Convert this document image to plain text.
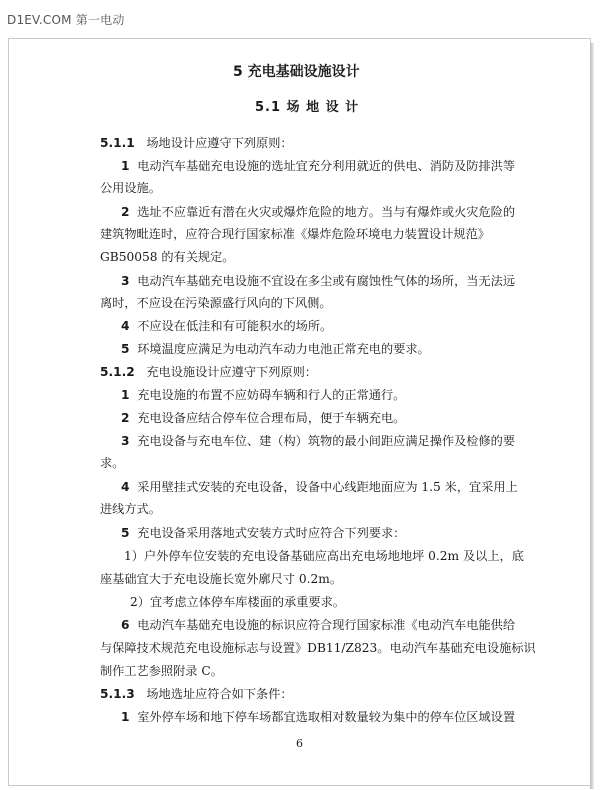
D1EV.COM 第一电动
5 充电基础设施设计
5.1 场 地 设 计
5.1.1 场地设计应遵守下列原则：
1 电动汽车基础充电设施的选址宜充分利用就近的供电、消防及防排洪等
公用设施。
2 选址不应靠近有潜在火灾或爆炸危险的地方。当与有爆炸或火灾危险的
建筑物毗连时，应符合现行国家标准《爆炸危险环境电力装置设计规范》
GB50058 的有关规定。
3 电动汽车基础充电设施不宜设在多尘或有腐蚀性气体的场所，当无法远
离时，不应设在污染源盛行风向的下风侧。
4 不应设在低洼和有可能积水的场所。
5 环境温度应满足为电动汽车动力电池正常充电的要求。
5.1.2 充电设施设计应遵守下列原则：
1 充电设施的布置不应妨碍车辆和行人的正常通行。
2 充电设备应结合停车位合理布局，便于车辆充电。
3 充电设备与充电车位、建（构）筑物的最小间距应满足操作及检修的要
求。
4 采用壁挂式安装的充电设备，设备中心线距地面应为 1.5 米，宜采用上
进线方式。
5 充电设备采用落地式安装方式时应符合下列要求：
1）户外停车位安装的充电设备基础应高出充电场地地坪 0.2m 及以上，底
座基础宜大于充电设施长宽外廓尺寸 0.2m。
2）宜考虑立体停车库楼面的承重要求。
6 电动汽车基础充电设施的标识应符合现行国家标准《电动汽车电能供给
与保障技术规范充电设施标志与设置》DB11/Z823。电动汽车基础充电设施标识
制作工艺参照附录 C。
5.1.3 场地选址应符合如下条件：
1 室外停车场和地下停车场都宜选取相对数量较为集中的停车位区域设置
6
